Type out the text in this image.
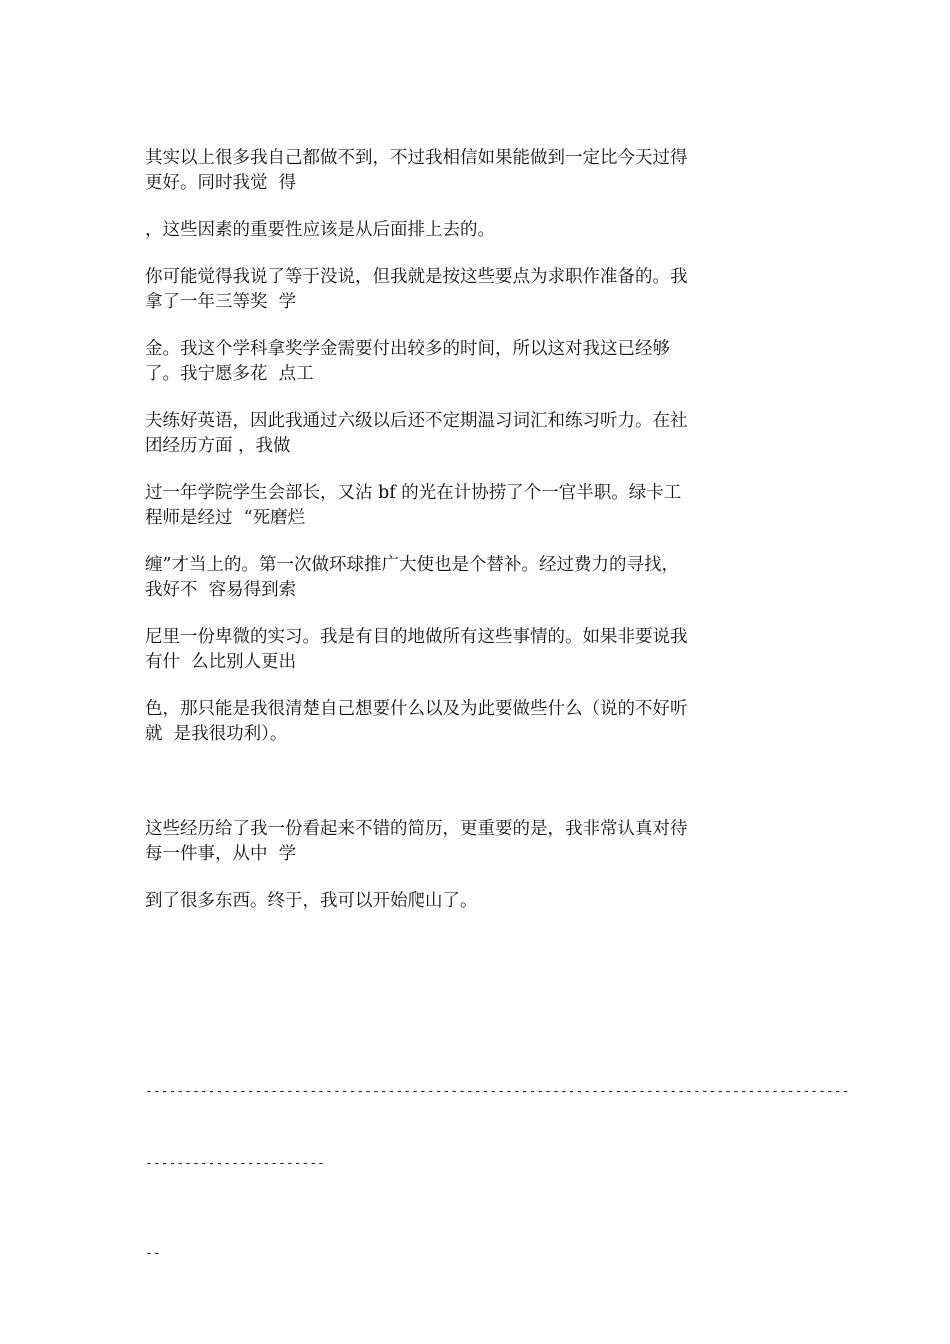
其实以上很多我自己都做不到，不过我相信如果能做到一定比今天过得
更好。同时我觉  得
，这些因素的重要性应该是从后面排上去的。
你可能觉得我说了等于没说，但我就是按这些要点为求职作准备的。我
拿了一年三等奖  学
金。我这个学科拿奖学金需要付出较多的时间，所以这对我这已经够
了。我宁愿多花  点工
夫练好英语，因此我通过六级以后还不定期温习词汇和练习听力。在社
团经历方面 ，我做
过一年学院学生会部长，又沾 bf 的光在计协捞了个一官半职。绿卡工
程师是经过  “死磨烂
缠”才当上的。第一次做环球推广大使也是个替补。经过费力的寻找，
我好不  容易得到索
尼里一份卑微的实习。我是有目的地做所有这些事情的。如果非要说我
有什  么比别人更出
色，那只能是我很清楚自己想要什么以及为此要做些什么（说的不好听
就  是我很功利）。
这些经历给了我一份看起来不错的简历，更重要的是，我非常认真对待
每一件事，从中  学
到了很多东西。终于，我可以开始爬山了。

------------------------------------------------------------------------------------------

-----------------------

--
